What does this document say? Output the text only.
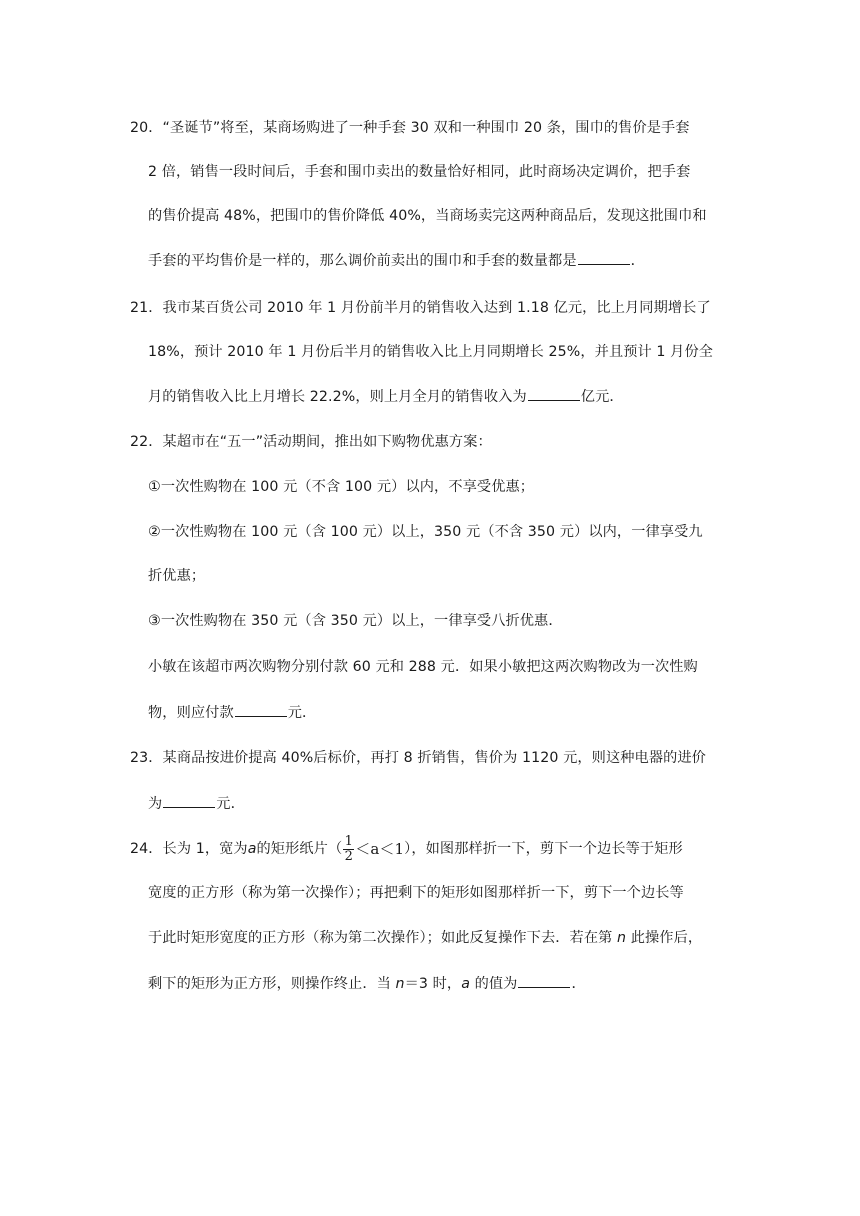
20．“圣诞节”将至，某商场购进了一种手套 30 双和一种围巾 20 条，围巾的售价是手套
2 倍，销售一段时间后，手套和围巾卖出的数量恰好相同，此时商场决定调价，把手套
的售价提高 48%，把围巾的售价降低 40%，当商场卖完这两种商品后，发现这批围巾和
手套的平均售价是一样的，那么调价前卖出的围巾和手套的数量都是	．
21．我市某百货公司 2010 年 1 月份前半月的销售收入达到 1.18 亿元，比上月同期增长了
18%，预计 2010 年 1 月份后半月的销售收入比上月同期增长 25%，并且预计 1 月份全
月的销售收入比上月增长 22.2%，则上月全月的销售收入为	亿元．
22．某超市在“五一”活动期间，推出如下购物优惠方案：
①一次性购物在 100 元（不含 100 元）以内，不享受优惠；
②一次性购物在 100 元（含 100 元）以上，350 元（不含 350 元）以内，一律享受九
折优惠；
③一次性购物在 350 元（含 350 元）以上，一律享受八折优惠．
小敏在该超市两次购物分别付款 60 元和 288 元．如果小敏把这两次购物改为一次性购
物，则应付款	元．
23．某商品按进价提高 40%后标价，再打 8 折销售，售价为 1120 元，则这种电器的进价
为	元．
24．长为 1，宽为 a 的矩形纸片（ $\frac{1}{2} <a<1$ ），如图那样折一下，剪下一个边长等于矩形
宽度的正方形（称为第一次操作）；再把剩下的矩形如图那样折一下，剪下一个边长等
于此时矩形宽度的正方形（称为第二次操作）；如此反复操作下去．若在第 n 此操作后，
剩下的矩形为正方形，则操作终止．当 n＝3 时，a 的值为	．
